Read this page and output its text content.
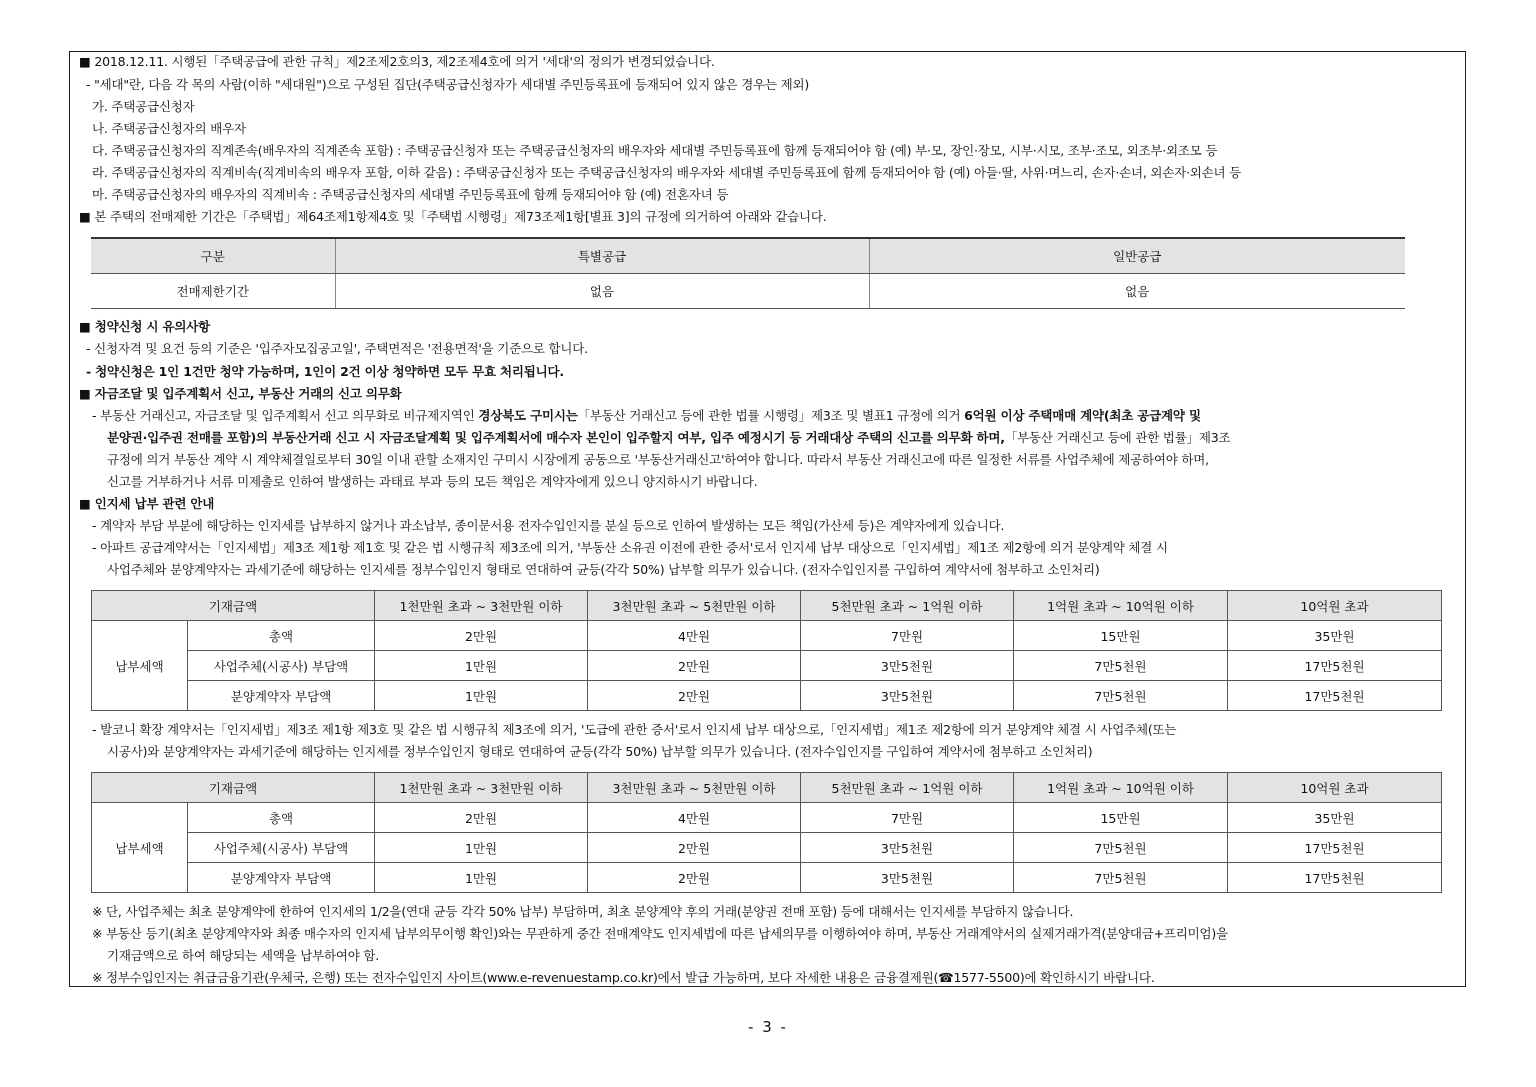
■ 2018.12.11. 시행된「주택공급에 관한 규칙」제2조제2호의3, 제2조제4호에 의거 '세대'의 정의가 변경되었습니다.
- "세대"란, 다음 각 목의 사람(이하 "세대원")으로 구성된 집단(주택공급신청자가 세대별 주민등록표에 등재되어 있지 않은 경우는 제외)
가. 주택공급신청자
나. 주택공급신청자의 배우자
다. 주택공급신청자의 직계존속(배우자의 직계존속 포함) : 주택공급신청자 또는 주택공급신청자의 배우자와 세대별 주민등록표에 함께 등재되어야 함 (예) 부·모, 장인·장모, 시부·시모, 조부·조모, 외조부·외조모 등
라. 주택공급신청자의 직계비속(직계비속의 배우자 포함, 이하 같음) : 주택공급신청자 또는 주택공급신청자의 배우자와 세대별 주민등록표에 함께 등재되어야 함 (예) 아들·딸, 사위·며느리, 손자·손녀, 외손자·외손녀 등
마. 주택공급신청자의 배우자의 직계비속 : 주택공급신청자의 세대별 주민등록표에 함께 등재되어야 함 (예) 전혼자녀 등
■ 본 주택의 전매제한 기간은「주택법」제64조제1항제4호 및「주택법 시행령」제73조제1항[별표 3]의 규정에 의거하여 아래와 같습니다.
구분	특별공급	일반공급
전매제한기간	없음	없음
■ 청약신청 시 유의사항
- 신청자격 및 요건 등의 기준은 '입주자모집공고일', 주택면적은 '전용면적'을 기준으로 합니다.
- 청약신청은 1인 1건만 청약 가능하며, 1인이 2건 이상 청약하면 모두 무효 처리됩니다.
■ 자금조달 및 입주계획서 신고, 부동산 거래의 신고 의무화
- 부동산 거래신고, 자금조달 및 입주계획서 신고 의무화로 비규제지역인 경상북도 구미시는「부동산 거래신고 등에 관한 법률 시행령」제3조 및 별표1 규정에 의거 6억원 이상 주택매매 계약(최초 공급계약 및
분양권·입주권 전매를 포함)의 부동산거래 신고 시 자금조달계획 및 입주계획서에 매수자 본인이 입주할지 여부, 입주 예정시기 등 거래대상 주택의 신고를 의무화 하며,「부동산 거래신고 등에 관한 법률」제3조
규정에 의거 부동산 계약 시 계약체결일로부터 30일 이내 관할 소재지인 구미시 시장에게 공동으로 '부동산거래신고'하여야 합니다. 따라서 부동산 거래신고에 따른 일정한 서류를 사업주체에 제공하여야 하며,
신고를 거부하거나 서류 미제출로 인하여 발생하는 과태료 부과 등의 모든 책임은 계약자에게 있으니 양지하시기 바랍니다.
■ 인지세 납부 관련 안내
- 계약자 부담 부분에 해당하는 인지세를 납부하지 않거나 과소납부, 종이문서용 전자수입인지를 분실 등으로 인하여 발생하는 모든 책임(가산세 등)은 계약자에게 있습니다.
- 아파트 공급계약서는「인지세법」제3조 제1항 제1호 및 같은 법 시행규칙 제3조에 의거, '부동산 소유권 이전에 관한 증서'로서 인지세 납부 대상으로「인지세법」제1조 제2항에 의거 분양계약 체결 시
사업주체와 분양계약자는 과세기준에 해당하는 인지세를 정부수입인지 형태로 연대하여 균등(각각 50%) 납부할 의무가 있습니다. (전자수입인지를 구입하여 계약서에 첨부하고 소인처리)
기재금액		1천만원 초과 ~ 3천만원 이하	3천만원 초과 ~ 5천만원 이하	5천만원 초과 ~ 1억원 이하	1억원 초과 ~ 10억원 이하	10억원 초과
납부세액	총액	2만원	4만원	7만원	15만원	35만원
	사업주체(시공사) 부담액	1만원	2만원	3만5천원	7만5천원	17만5천원
	분양계약자 부담액	1만원	2만원	3만5천원	7만5천원	17만5천원
- 발코니 확장 계약서는「인지세법」제3조 제1항 제3호 및 같은 법 시행규칙 제3조에 의거, '도급에 관한 증서'로서 인지세 납부 대상으로,「인지세법」제1조 제2항에 의거 분양계약 체결 시 사업주체(또는
시공사)와 분양계약자는 과세기준에 해당하는 인지세를 정부수입인지 형태로 연대하여 균등(각각 50%) 납부할 의무가 있습니다. (전자수입인지를 구입하여 계약서에 첨부하고 소인처리)
기재금액		1천만원 초과 ~ 3천만원 이하	3천만원 초과 ~ 5천만원 이하	5천만원 초과 ~ 1억원 이하	1억원 초과 ~ 10억원 이하	10억원 초과
납부세액	총액	2만원	4만원	7만원	15만원	35만원
	사업주체(시공사) 부담액	1만원	2만원	3만5천원	7만5천원	17만5천원
	분양계약자 부담액	1만원	2만원	3만5천원	7만5천원	17만5천원
※ 단, 사업주체는 최초 분양계약에 한하여 인지세의 1/2을(연대 균등 각각 50% 납부) 부담하며, 최초 분양계약 후의 거래(분양권 전매 포함) 등에 대해서는 인지세를 부담하지 않습니다.
※ 부동산 등기(최초 분양계약자와 최종 매수자의 인지세 납부의무이행 확인)와는 무관하게 중간 전매계약도 인지세법에 따른 납세의무를 이행하여야 하며, 부동산 거래계약서의 실제거래가격(분양대금+프리미엄)을
기재금액으로 하여 해당되는 세액을 납부하여야 함.
※ 정부수입인지는 취급금융기관(우체국, 은행) 또는 전자수입인지 사이트(www.e-revenuestamp.co.kr)에서 발급 가능하며, 보다 자세한 내용은 금융결제원(☎1577-5500)에 확인하시기 바랍니다.
- 3 -
